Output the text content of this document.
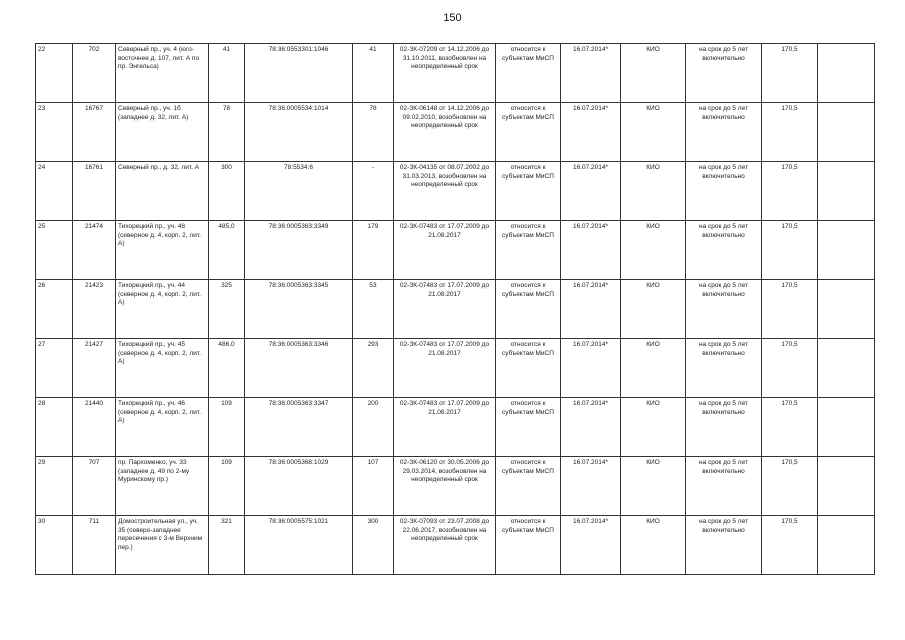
150
22	702	Северный пр., уч. 4 (юго-восточнее д. 107, лит. А по пр. Энгельса)	41	78:36:0553301:1046	41	02-ЗК-07209 от 14.12.2006 до 31.10.2011, возобновлен на неопределенный срок	относится к субъектам МиСП	16.07.2014*	КИО	на срок до 5 лет включительно	170,5	
23	16767	Северный пр., уч. 1б (западнее д. 32, лит. А)	78	78:36:0005534:1014	78	02-ЗК-06148 от 14.12.2006 до 09.02.2010, возобновлен на неопределенный срок	относится к субъектам МиСП	16.07.2014*	КИО	на срок до 5 лет включительно	170,5	
24	16761	Северный пр., д. 32, лит. А	300	78:5534:6	-	02-ЗК-04135 от 08.07.2002 до 31.03.2013, возобновлен на неопределенный срок	относится к субъектам МиСП	16.07.2014*	КИО	на срок до 5 лет включительно	170,5	
25	21474	Тихорецкий пр., уч. 48 (северное д. 4, корп. 2, лит. А)	485,0	78:36:0005363:3349	179	02-ЗК-07483 от 17.07.2009 до 21.08.2017	относится к субъектам МиСП	16.07.2014*	КИО	на срок до 5 лет включительно	170,5	
26	21423	Тихорецкий пр., уч. 44 (северное д. 4, корп. 2, лит. А)	325	78:36:0005363:3345	53	02-ЗК-07483 от 17.07.2009 до 21.08.2017	относится к субъектам МиСП	16.07.2014*	КИО	на срок до 5 лет включительно	170,5	
27	21427	Тихорецкий пр., уч. 45 (северное д. 4, корп. 2, лит. А)	486,0	78:36:0005363:3346	293	02-ЗК-07483 от 17.07.2009 до 21.08.2017	относится к субъектам МиСП	16.07.2014*	КИО	на срок до 5 лет включительно	170,5	
28	21440	Тихорецкий пр., уч. 46 (северное д. 4, корп. 2, лит. А)	109	78:36:0005363:3347	200	02-ЗК-07483 от 17.07.2009 до 21.08.2017	относится к субъектам МиСП	16.07.2014*	КИО	на срок до 5 лет включительно	170,5	
29	707	пр. Пархоменко, уч. 33 (западнее д. 49 по 2-му Муринскому пр.)	109	78:36:0005368:1029	107	02-ЗК-06120 от 30.05.2006 до 29.03.2014, возобновлен на неопределенный срок	относится к субъектам МиСП	16.07.2014*	КИО	на срок до 5 лет включительно	170,5	
30	711	Домостроительная ул., уч. 35 (северо-западнее пересечения с 3-м Верхним пер.)	321	78:36:0005575:1021	300	02-ЗК-07093 от 23.07.2008 до 22.06.2017, возобновлен на неопределенный срок	относится к субъектам МиСП	16.07.2014*	КИО	на срок до 5 лет включительно	170,5	
